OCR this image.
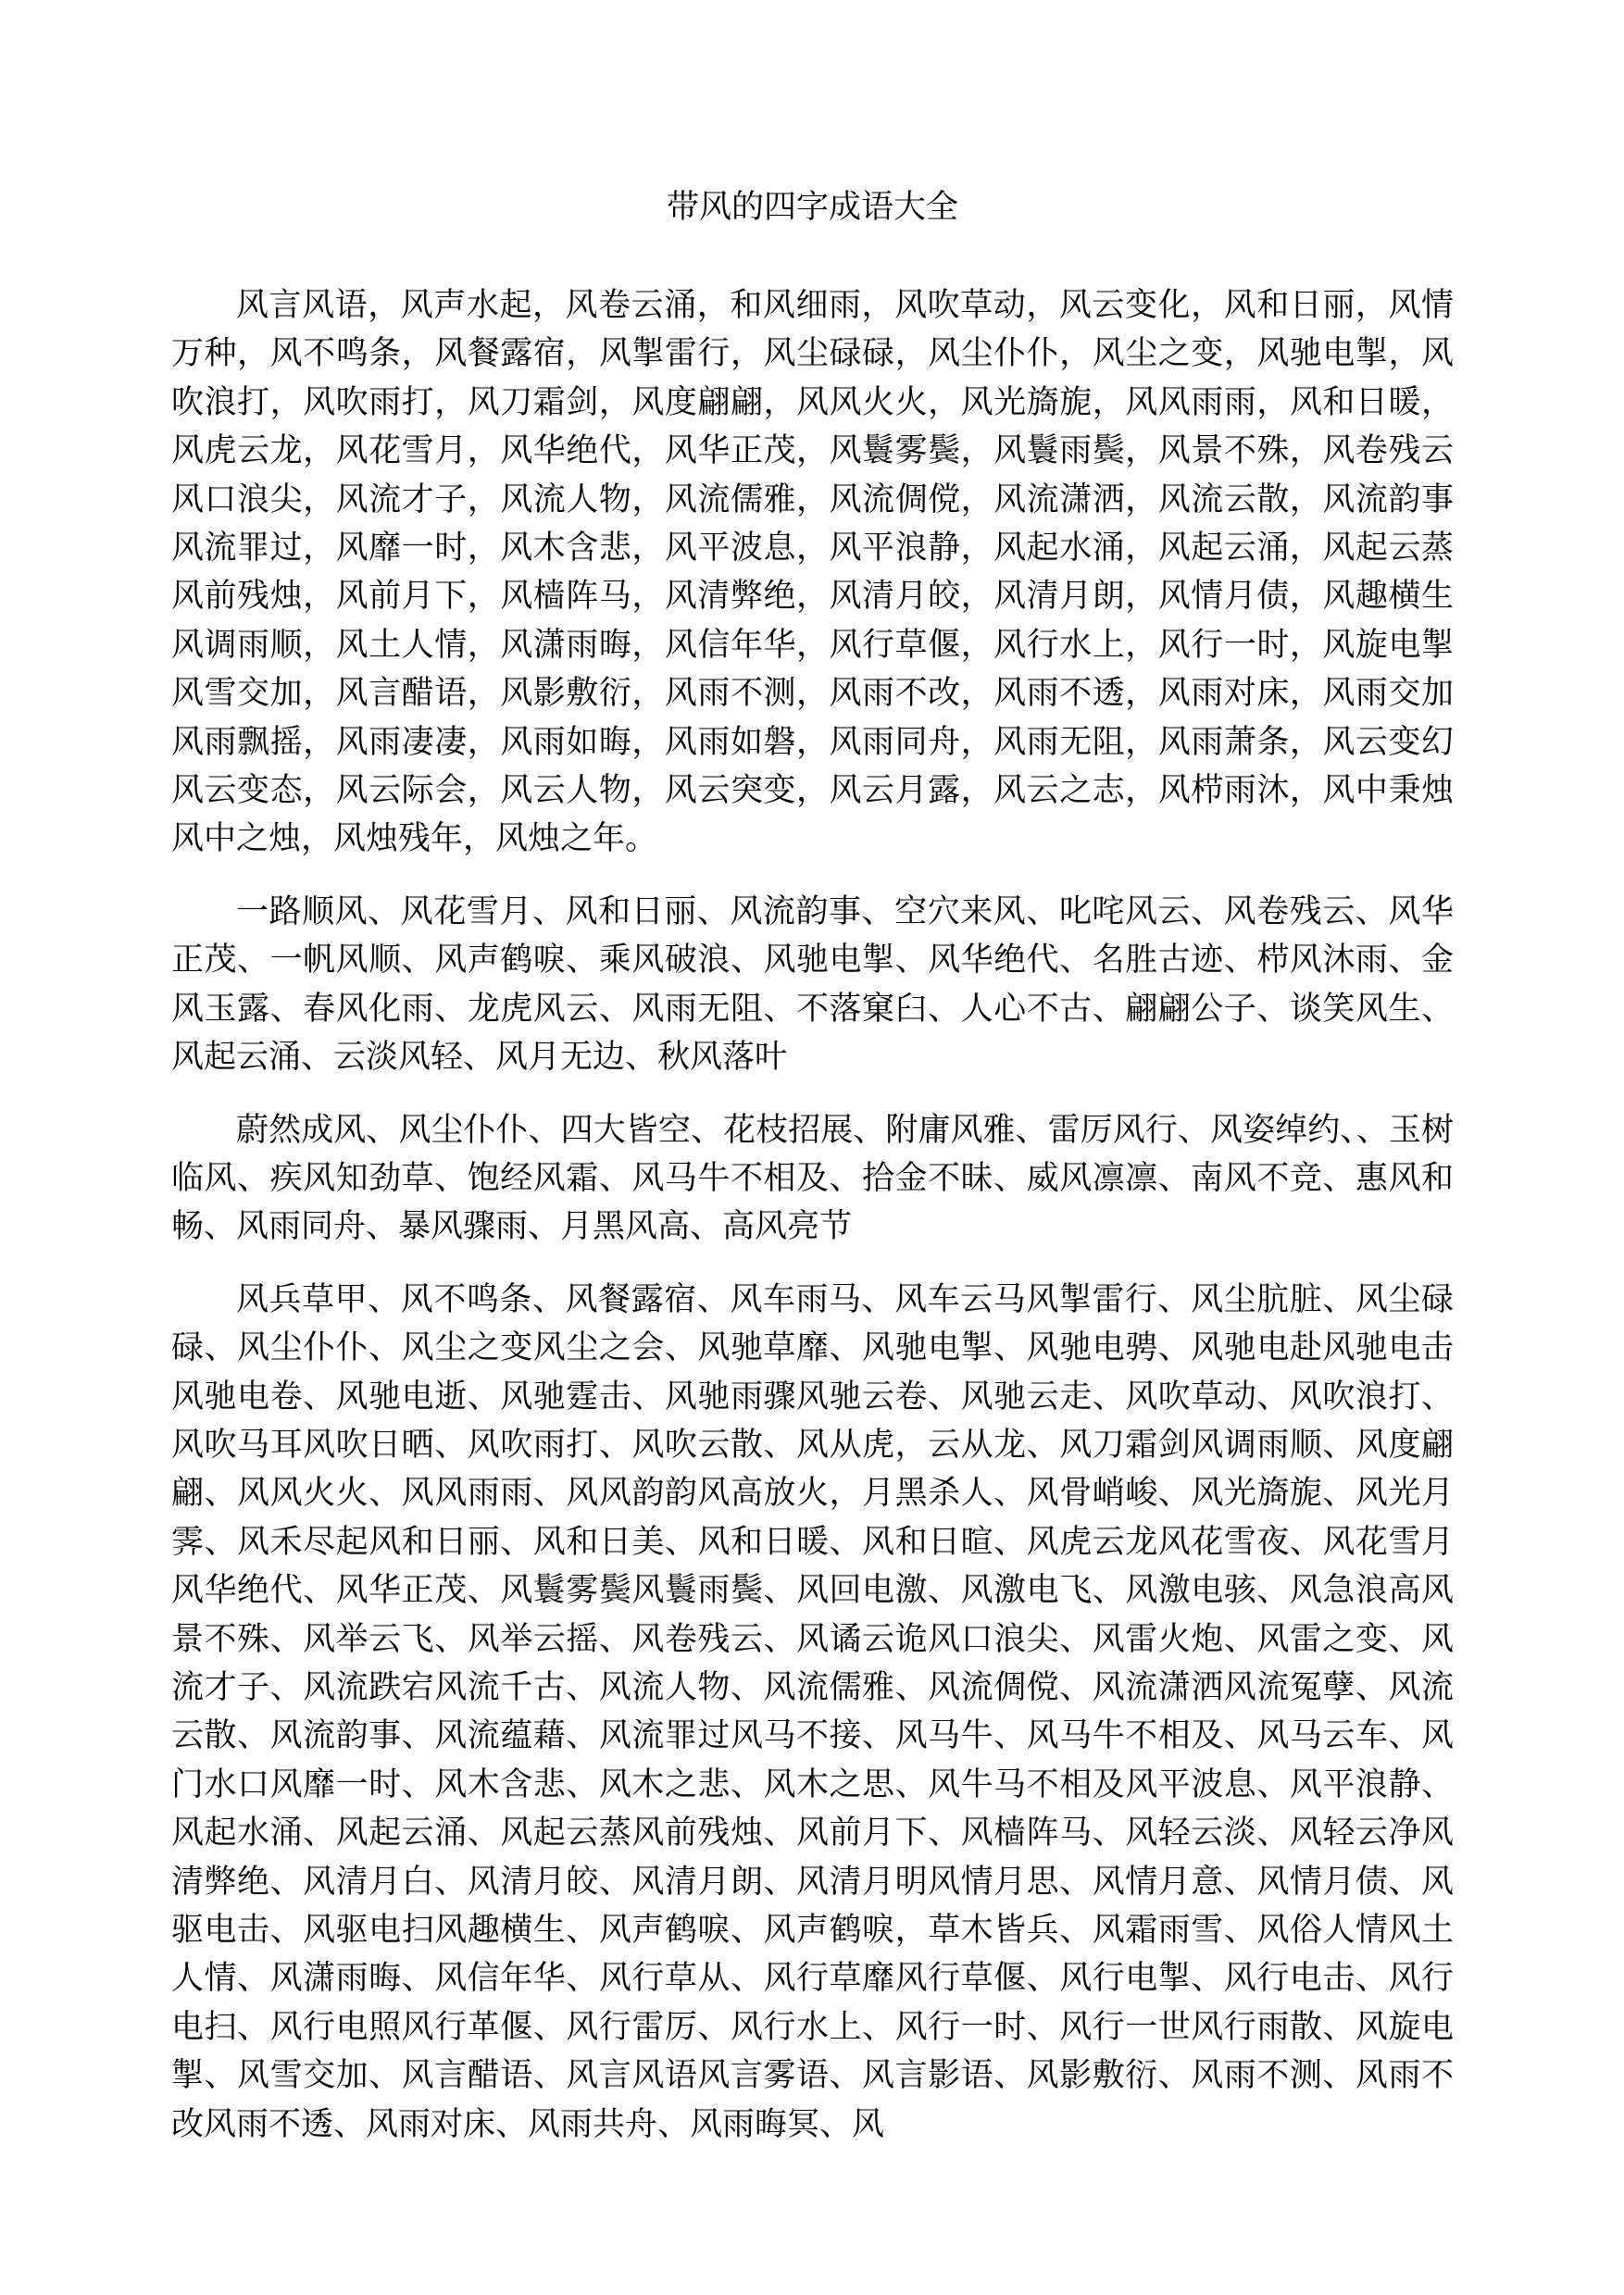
带风的四字成语大全

风言风语，风声水起，风卷云涌，和风细雨，风吹草动，风云变化，风和日丽，风情万种，风不鸣条，风餐露宿，风掣雷行，风尘碌碌，风尘仆仆，风尘之变，风驰电掣，风吹浪打，风吹雨打，风刀霜剑，风度翩翩，风风火火，风光旖旎，风风雨雨，风和日暖，风虎云龙，风花雪月，风华绝代，风华正茂，风鬟雾鬓，风鬟雨鬓，风景不殊，风卷残云风口浪尖，风流才子，风流人物，风流儒雅，风流倜傥，风流潇洒，风流云散，风流韵事风流罪过，风靡一时，风木含悲，风平波息，风平浪静，风起水涌，风起云涌，风起云蒸风前残烛，风前月下，风樯阵马，风清弊绝，风清月皎，风清月朗，风情月债，风趣横生风调雨顺，风土人情，风潇雨晦，风信年华，风行草偃，风行水上，风行一时，风旋电掣风雪交加，风言醋语，风影敷衍，风雨不测，风雨不改，风雨不透，风雨对床，风雨交加风雨飘摇，风雨凄凄，风雨如晦，风雨如磐，风雨同舟，风雨无阻，风雨萧条，风云变幻风云变态，风云际会，风云人物，风云突变，风云月露，风云之志，风栉雨沐，风中秉烛风中之烛，风烛残年，风烛之年。

一路顺风、风花雪月、风和日丽、风流韵事、空穴来风、叱咤风云、风卷残云、风华正茂、一帆风顺、风声鹤唳、乘风破浪、风驰电掣、风华绝代、名胜古迹、栉风沐雨、金风玉露、春风化雨、龙虎风云、风雨无阻、不落窠臼、人心不古、翩翩公子、谈笑风生、风起云涌、云淡风轻、风月无边、秋风落叶

蔚然成风、风尘仆仆、四大皆空、花枝招展、附庸风雅、雷厉风行、风姿绰约、、玉树临风、疾风知劲草、饱经风霜、风马牛不相及、拾金不昧、威风凛凛、南风不竞、惠风和畅、风雨同舟、暴风骤雨、月黑风高、高风亮节

风兵草甲、风不鸣条、风餐露宿、风车雨马、风车云马风掣雷行、风尘肮脏、风尘碌碌、风尘仆仆、风尘之变风尘之会、风驰草靡、风驰电掣、风驰电骋、风驰电赴风驰电击风驰电卷、风驰电逝、风驰霆击、风驰雨骤风驰云卷、风驰云走、风吹草动、风吹浪打、风吹马耳风吹日晒、风吹雨打、风吹云散、风从虎，云从龙、风刀霜剑风调雨顺、风度翩翩、风风火火、风风雨雨、风风韵韵风高放火，月黑杀人、风骨峭峻、风光旖旎、风光月霁、风禾尽起风和日丽、风和日美、风和日暖、风和日暄、风虎云龙风花雪夜、风花雪月风华绝代、风华正茂、风鬟雾鬓风鬟雨鬓、风回电激、风激电飞、风激电骇、风急浪高风景不殊、风举云飞、风举云摇、风卷残云、风谲云诡风口浪尖、风雷火炮、风雷之变、风流才子、风流跌宕风流千古、风流人物、风流儒雅、风流倜傥、风流潇洒风流冤孽、风流云散、风流韵事、风流蕴藉、风流罪过风马不接、风马牛、风马牛不相及、风马云车、风门水口风靡一时、风木含悲、风木之悲、风木之思、风牛马不相及风平波息、风平浪静、风起水涌、风起云涌、风起云蒸风前残烛、风前月下、风樯阵马、风轻云淡、风轻云净风清弊绝、风清月白、风清月皎、风清月朗、风清月明风情月思、风情月意、风情月债、风驱电击、风驱电扫风趣横生、风声鹤唳、风声鹤唳，草木皆兵、风霜雨雪、风俗人情风土人情、风潇雨晦、风信年华、风行草从、风行草靡风行草偃、风行电掣、风行电击、风行电扫、风行电照风行革偃、风行雷厉、风行水上、风行一时、风行一世风行雨散、风旋电掣、风雪交加、风言醋语、风言风语风言雾语、风言影语、风影敷衍、风雨不测、风雨不改风雨不透、风雨对床、风雨共舟、风雨晦冥、风
